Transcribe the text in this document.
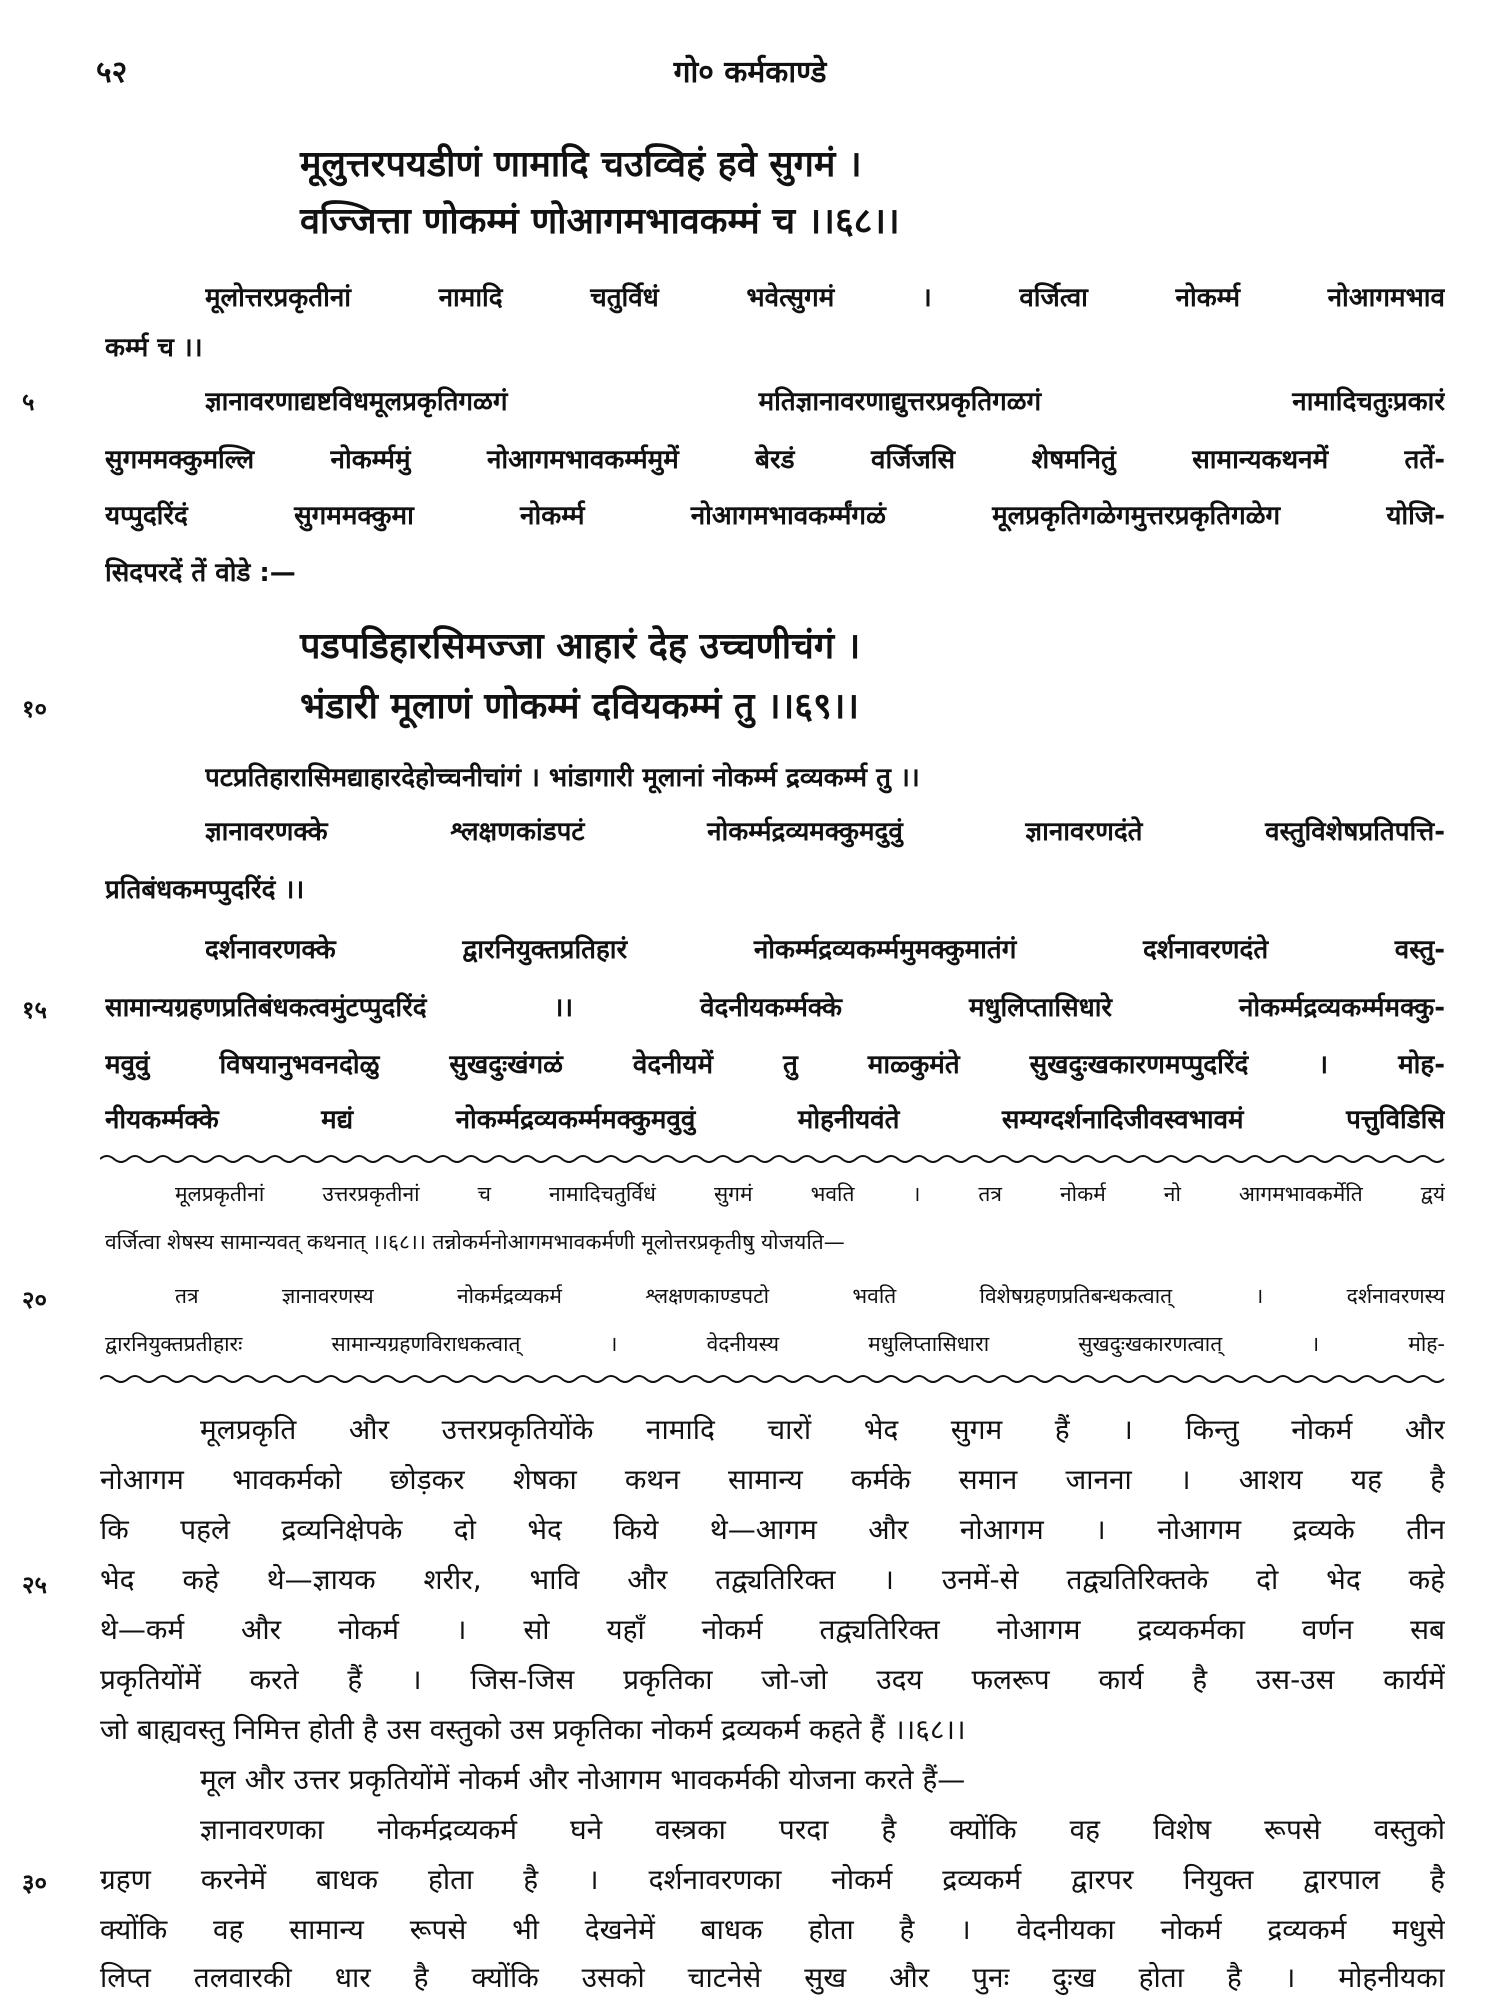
५२	गो० कर्मकाण्डे
मूलुत्तरपयडीणं णामादि चउव्विहं हवे सुगमं ।
वज्जित्ता णोकम्मं णोआगमभावकम्मं च ।।६८।।
मूलोत्तरप्रकृतीनां नामादि चतुर्विधं भवेत्सुगमं । वर्जित्वा नोकर्म्म नोआगमभाव
कर्म्म च ।।
५	ज्ञानावरणाद्यष्टविधमूलप्रकृतिगळगं मतिज्ञानावरणाद्युत्तरप्रकृतिगळगं नामादिचतुःप्रकारं
सुगममक्कुमल्लि नोकर्म्ममुं नोआगमभावकर्म्ममुमें बेरडं वर्जिजसि शेषमनितुं सामान्यकथनमें ततें-
यप्पुदरिंदं सुगममक्कुमा नोकर्म्म नोआगमभावकर्म्मंगळं मूलप्रकृतिगळेगमुत्तरप्रकृतिगळेग योजि-
सिदपरदें तें वोडे :—
पडपडिहारसिमज्जा आहारं देह उच्चणीचंगं ।
१०	भंडारी मूलाणं णोकम्मं दवियकम्मं तु ।।६९।।
पटप्रतिहारासिमद्याहारदेहोच्चनीचांगं । भांडागारी मूलानां नोकर्म्म द्रव्यकर्म्म तु ।।
ज्ञानावरणक्के श्लक्षणकांडपटं नोकर्म्मद्रव्यमक्कुमदुवुं ज्ञानावरणदंते वस्तुविशेषप्रतिपत्ति-
प्रतिबंधकमप्पुदरिंदं ।।
दर्शनावरणक्के द्वारनियुक्तप्रतिहारं नोकर्म्मद्रव्यकर्म्ममुमक्कुमातंगं दर्शनावरणदंते वस्तु-
१५ सामान्यग्रहणप्रतिबंधकत्वमुंटप्पुदरिंदं ।। वेदनीयकर्म्मक्के मधुलिप्तासिधारे नोकर्म्मद्रव्यकर्म्ममक्कु-
मवुवुं विषयानुभवनदोळु सुखदुःखंगळं वेदनीयमें तु माळ्कुमंते सुखदुःखकारणमप्पुदरिंदं । मोह-
नीयकर्म्मक्के मद्यं नोकर्म्मद्रव्यकर्म्ममक्कुमवुवुं मोहनीयवंते सम्यग्दर्शनादिजीवस्वभावमं पत्तुविडिसि
मूलप्रकृतीनां उत्तरप्रकृतीनां च नामादिचतुर्विधं सुगमं भवति । तत्र नोकर्म नो आगमभावकर्मेति द्वयं
वर्जित्वा शेषस्य सामान्यवत् कथनात् ।।६८।। तन्नोकर्मनोआगमभावकर्मणी मूलोत्तरप्रकृतीषु योजयति—
२०	तत्र ज्ञानावरणस्य नोकर्मद्रव्यकर्म श्लक्षणकाण्डपटो भवति विशेषग्रहणप्रतिबन्धकत्वात् । दर्शनावरणस्य
द्वारनियुक्तप्रतीहारः सामान्यग्रहणविराधकत्वात् । वेदनीयस्य मधुलिप्तासिधारा सुखदुःखकारणत्वात् । मोह-
मूलप्रकृति और उत्तरप्रकृतियोंके नामादि चारों भेद सुगम हैं । किन्तु नोकर्म और
नोआगम भावकर्मको छोड़कर शेषका कथन सामान्य कर्मके समान जानना । आशय यह है
कि पहले द्रव्यनिक्षेपके दो भेद किये थे—आगम और नोआगम । नोआगम द्रव्यके तीन
२५ भेद कहे थे—ज्ञायक शरीर, भावि और तद्व्यतिरिक्त । उनमें-से तद्व्यतिरिक्तके दो भेद कहे
थे—कर्म और नोकर्म । सो यहाँ नोकर्म तद्व्यतिरिक्त नोआगम द्रव्यकर्मका वर्णन सब
प्रकृतियोंमें करते हैं । जिस-जिस प्रकृतिका जो-जो उदय फलरूप कार्य है उस-उस कार्यमें
जो बाह्यवस्तु निमित्त होती है उस वस्तुको उस प्रकृतिका नोकर्म द्रव्यकर्म कहते हैं ।।६८।।
मूल और उत्तर प्रकृतियोंमें नोकर्म और नोआगम भावकर्मकी योजना करते हैं—
३०
ज्ञानावरणका नोकर्मद्रव्यकर्म घने वस्त्रका परदा है क्योंकि वह विशेष रूपसे वस्तुको
ग्रहण करनेमें बाधक होता है । दर्शनावरणका नोकर्म द्रव्यकर्म द्वारपर नियुक्त द्वारपाल है
क्योंकि वह सामान्य रूपसे भी देखनेमें बाधक होता है । वेदनीयका नोकर्म द्रव्यकर्म मधुसे
लिप्त तलवारकी धार है क्योंकि उसको चाटनेसे सुख और पुनः दुःख होता है । मोहनीयका
